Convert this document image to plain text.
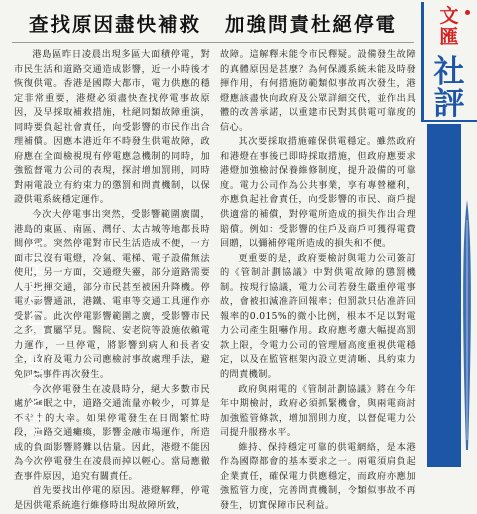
查找原因盡快補救 加強問責杜絕停電

港島區昨日凌晨出現多區大面積停電，對市民生活和道路交通造成影響，近一小時後才恢復供電。香港是國際大都市，電力供應的穩定非常重要，港燈必須盡快查找停電事故原因，及早採取補救措施，杜絕同類故障重演，同時要負起社會責任，向受影響的市民作出合理補償。因應本港近年不時發生供電故障，政府應在全面檢視現有停電應急機制的同時，加強監督電力公司的表現，探討增加罰則，同時對兩電設立有約束力的懲罰和問責機制，以保證供電系統穩定運作。

今次大停電事出突然，受影響範圍廣闊，港島的東區、南區、灣仔、太古城等地都長時間停電。突然停電對市民生活造成不便，一方面市民沒有電燈，冷氣、電梯、電子設備無法使用，另一方面，交通燈失靈，部分道路需要人手指揮交通，部分市民甚至被困升降機。停電亦影響通訊，港鐵、電車等交通工具運作亦受影響。此次停電影響範圍之廣，受影響市民之多，實屬罕見。醫院、安老院等設施依賴電力運作，一旦停電，將影響到病人和長者安全，政府及電力公司應檢討事故處理手法，避免同類事件再次發生。

今次停電發生在凌晨時分，絕大多數市民處於睡眠之中，道路交通流量亦較少，可算是不幸中的大幸。如果停電發生在日間繁忙時段，道路交通癱瘓，影響金融市場運作，所造成的負面影響將難以估量。因此，港燈不能因為今次停電發生在凌晨而掉以輕心。當局應徹查事件原因，追究有關責任。

首先要找出停電的原因。港燈解釋，停電是因供電系統進行維修時出現故障所致，

故障。這解釋未能令市民釋疑。設備發生故障的真體原因是甚麼？為何保護系統未能及時發揮作用，有何措施防範類似事故再次發生，港燈應該盡快向政府及公眾詳細交代，並作出具體的改善承諾，以重建市民對其供電可靠度的信心。

其次要採取措施確保供電穩定。雖然政府和港燈在事後已即時採取措施，但政府應要求港燈加強檢討保養維修制度，提升設備的可靠度。電力公司作為公共事業，享有專營權利，亦應負起社會責任，向受影響的市民、商戶提供適當的補償，對停電所造成的損失作出合理賠償。例如：受影響的住戶及商戶可獲得電費回贈，以彌補停電所造成的損失和不便。

更重要的是，政府要檢討與電力公司簽訂的《管制計劃協議》中對供電故障的懲罰機制。按現行協議，電力公司若發生嚴重停電事故，會被扣減准許回報率；但罰款只佔准許回報率的0.015%的微小比例，根本不足以對電力公司產生阻嚇作用。政府應考慮大幅提高罰款上限，令電力公司的管理層高度重視供電穩定，以及在監管框架內設立更清晰、具約束力的問責機制。

政府與兩電的《管制計劃協議》將在今年年中期檢討，政府必須抓緊機會，與兩電商討加強監管條款，增加罰則力度，以督促電力公司提升服務水平。

維持、保持穩定可靠的供電網絡，是本港作為國際都會的基本要求之一。兩電須肩負起企業責任，確保電力供應穩定，而政府亦應加強監管力度，完善問責機制，令類似事故不再發生，切實保障市民利益。

文
匯
社
評
WEN WEI EDITORIAL
